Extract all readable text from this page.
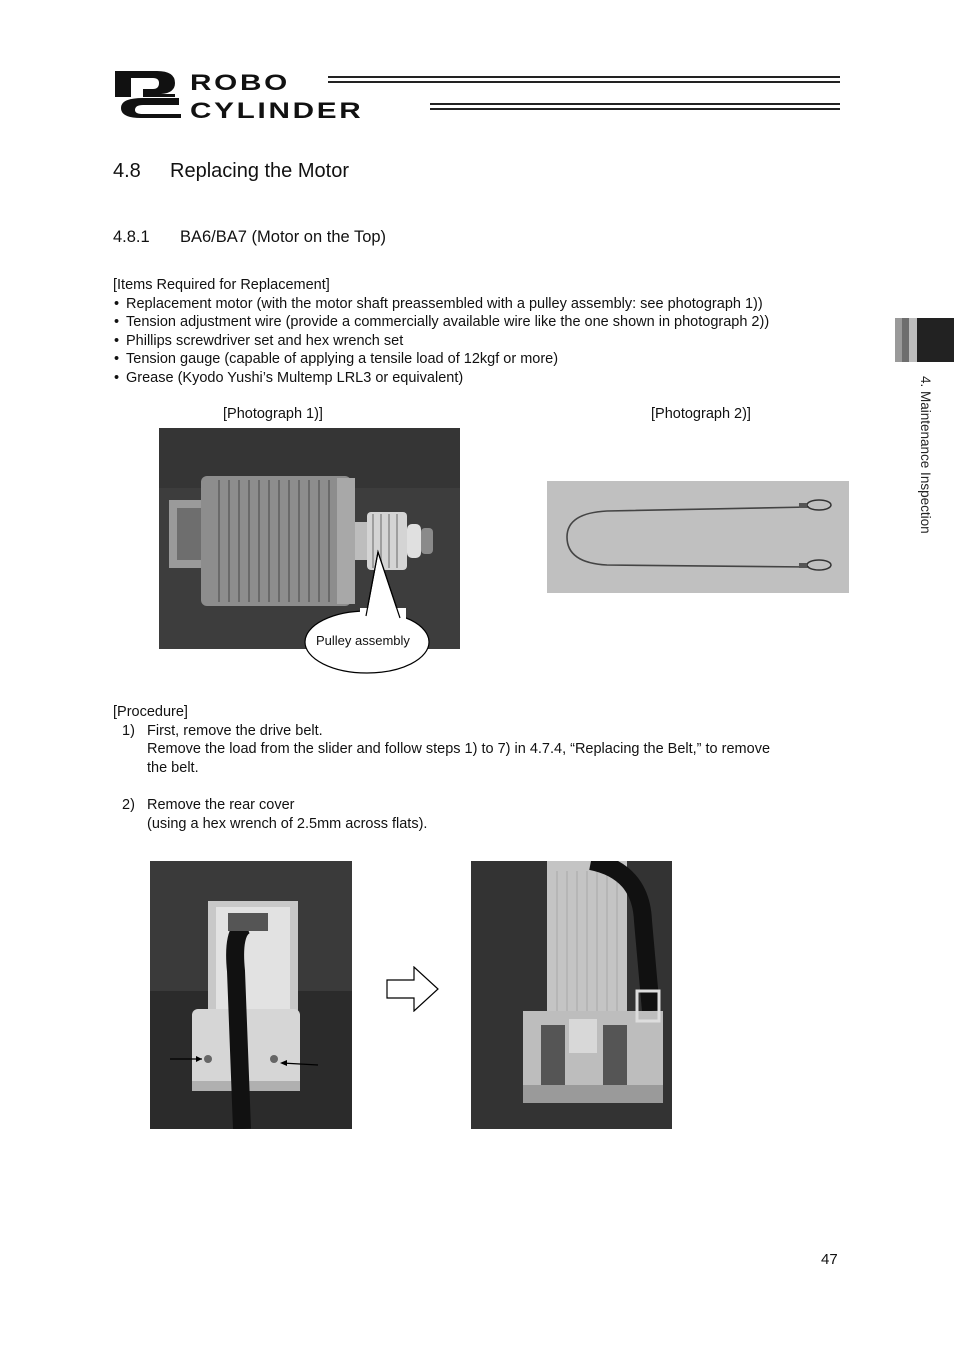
ROBO
CYLINDER
4.8 Replacing the Motor
4.8.1 BA6/BA7 (Motor on the Top)
[Items Required for Replacement]
• Replacement motor (with the motor shaft preassembled with a pulley assembly: see photograph 1))
• Tension adjustment wire (provide a commercially available wire like the one shown in photograph 2))
• Phillips screwdriver set and hex wrench set
• Tension gauge (capable of applying a tensile load of 12kgf or more)
• Grease (Kyodo Yushi’s Multemp LRL3 or equivalent)
[Photograph 1)]	[Photograph 2)]
Pulley assembly
[Procedure]
1) First, remove the drive belt.
Remove the load from the slider and follow steps 1) to 7) in 4.7.4, “Replacing the Belt,” to remove
the belt.
2) Remove the rear cover
(using a hex wrench of 2.5mm across flats).
4. Maintenance Inspection
47
